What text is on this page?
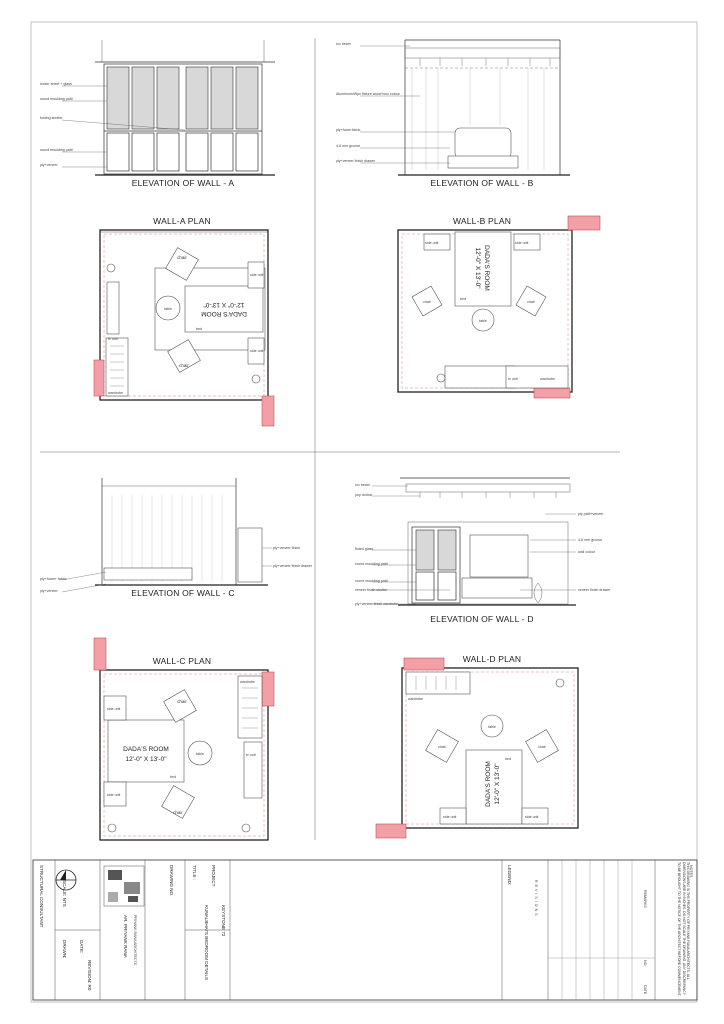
locker sheet + glass
round moulding patti
folding shutter
round moulding patti
ply+veneer
ELEVATION OF WALL - A
rcc beam
Aluminium/Wpc fixture wood+cnc colour
ply+foam fabric
4-6 mm groove
ply+veneer finish drawer
ELEVATION OF WALL - B
WALL-A PLAN
DADA'S ROOM
12'-0" X 13'-0"
chair
chair
table
bed
side unit
side unit
tv unit
wardrobe
WALL-B PLAN
DADA'S ROOM
12'-0" X 13'-0"
side unit	side unit
chair	chair
table
bed
tv unit	wardrobe
ply+veneer finish
ply+foam+ fabric
ply+veneer
ply+veneer finish drawer
ELEVATION OF WALL - C
rcc beam
pop drohar
ply patti+veneer
4-6 mm groove
wall colour
fluted glass
round moulding patti
round moulding patti
veneer finish shutter	veneer finish drawer
ply+veneer finish wardrobe
ELEVATION OF WALL - D
WALL-C PLAN
DADA'S ROOM
12'-0" X 13'-0"
chair
chair
table
bed
side unit
side unit
tv unit
wardrobe
WALL-D PLAN
DADA'S ROOM 12'-0" X 13'-0"
chair	chair
table
bed
side unit	side unit
wardrobe
STRUCTURAL CONSULTANT
DRAWN:	DATE:
SCALE: NTS
REVISION: R0
AR. PRIYANK RANA PRIYANK RANA ARCHITECTS
DRAWING NO.	TITLE :
KUNALBHAI'S BEDROOM DETAILS
PROJECT
KEYSTONE 72
LEGEND:
REVISIONS	REMARKS
NO.
DATE
NOTES
THIS DRAWING IS THE PROPERTY OF PRIYANK RANA ARCHITECTS. ALL DIMENSIONS ARE IN INCHES. DO NOT SCALE THE DRAWING. ANY DISCREPANCY TO BE BROUGHT TO THE NOTICE OF THE ARCHITECT BEFORE COMMENCEMENT.
